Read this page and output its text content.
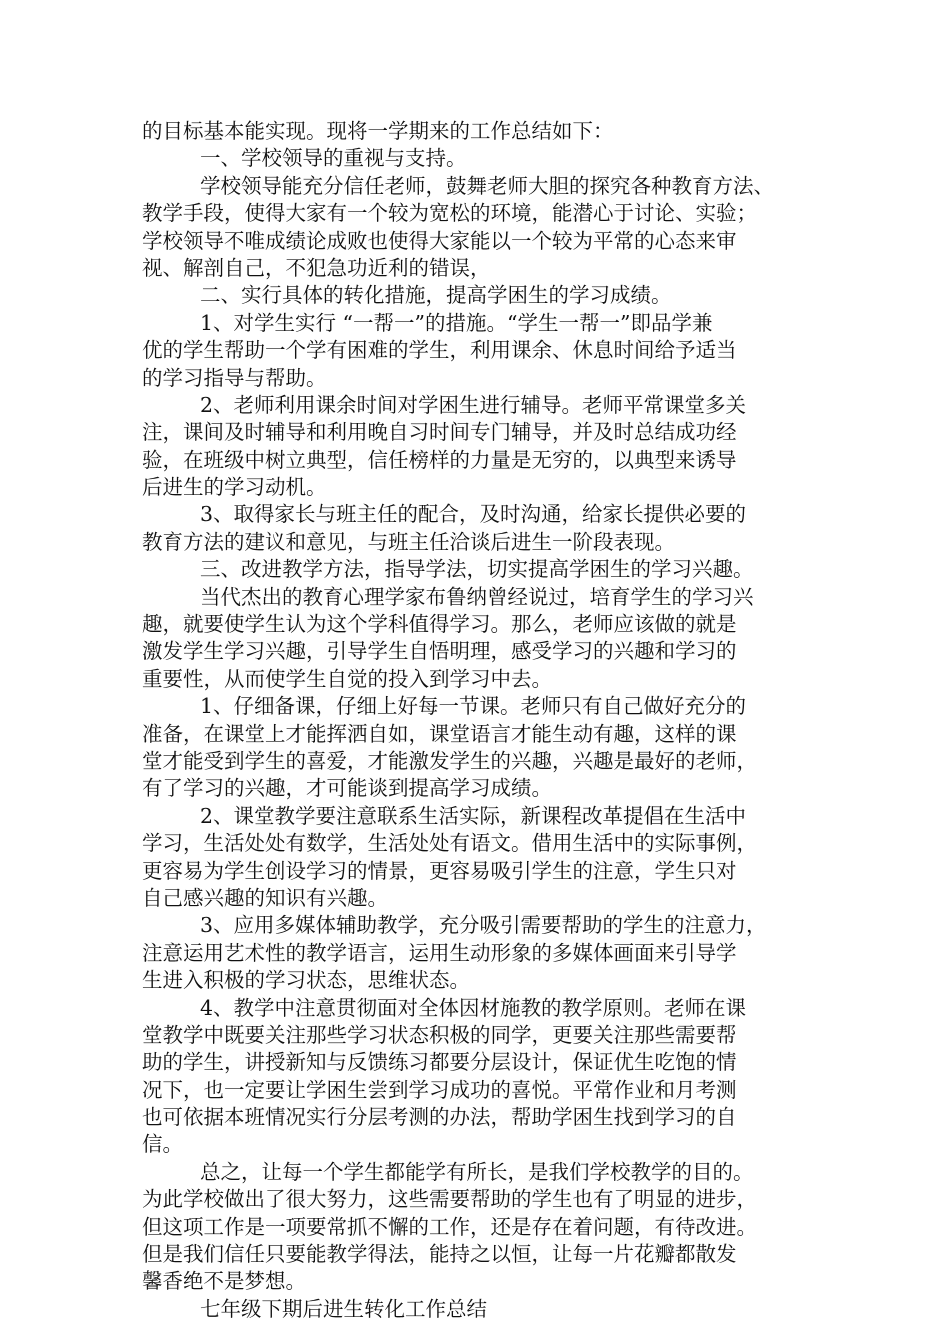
的目标基本能实现。现将一学期来的工作总结如下：
一、学校领导的重视与支持。
学校领导能充分信任老师，鼓舞老师大胆的探究各种教育方法、
教学手段，使得大家有一个较为宽松的环境，能潜心于讨论、实验；
学校领导不唯成绩论成败也使得大家能以一个较为平常的心态来审
视、解剖自己，不犯急功近利的错误，
二、实行具体的转化措施，提高学困生的学习成绩。
1、对学生实行 “一帮一”的措施。“学生一帮一”即品学兼
优的学生帮助一个学有困难的学生，利用课余、休息时间给予适当
的学习指导与帮助。
2、老师利用课余时间对学困生进行辅导。老师平常课堂多关
注，课间及时辅导和利用晚自习时间专门辅导，并及时总结成功经
验，在班级中树立典型，信任榜样的力量是无穷的，以典型来诱导
后进生的学习动机。
3、取得家长与班主任的配合，及时沟通，给家长提供必要的
教育方法的建议和意见，与班主任洽谈后进生一阶段表现。
三、改进教学方法，指导学法，切实提高学困生的学习兴趣。
当代杰出的教育心理学家布鲁纳曾经说过，培育学生的学习兴
趣，就要使学生认为这个学科值得学习。那么，老师应该做的就是
激发学生学习兴趣，引导学生自悟明理，感受学习的兴趣和学习的
重要性，从而使学生自觉的投入到学习中去。
1、仔细备课，仔细上好每一节课。老师只有自己做好充分的
准备，在课堂上才能挥洒自如，课堂语言才能生动有趣，这样的课
堂才能受到学生的喜爱，才能激发学生的兴趣，兴趣是最好的老师，
有了学习的兴趣，才可能谈到提高学习成绩。
2、课堂教学要注意联系生活实际，新课程改革提倡在生活中
学习，生活处处有数学，生活处处有语文。借用生活中的实际事例，
更容易为学生创设学习的情景，更容易吸引学生的注意，学生只对
自己感兴趣的知识有兴趣。
3、应用多媒体辅助教学，充分吸引需要帮助的学生的注意力，
注意运用艺术性的教学语言，运用生动形象的多媒体画面来引导学
生进入积极的学习状态，思维状态。
4、教学中注意贯彻面对全体因材施教的教学原则。老师在课
堂教学中既要关注那些学习状态积极的同学，更要关注那些需要帮
助的学生，讲授新知与反馈练习都要分层设计，保证优生吃饱的情
况下，也一定要让学困生尝到学习成功的喜悦。平常作业和月考测
也可依据本班情况实行分层考测的办法，帮助学困生找到学习的自
信。
总之，让每一个学生都能学有所长，是我们学校教学的目的。
为此学校做出了很大努力，这些需要帮助的学生也有了明显的进步，
但这项工作是一项要常抓不懈的工作，还是存在着问题，有待改进。
但是我们信任只要能教学得法，能持之以恒，让每一片花瓣都散发
馨香绝不是梦想。
七年级下期后进生转化工作总结
